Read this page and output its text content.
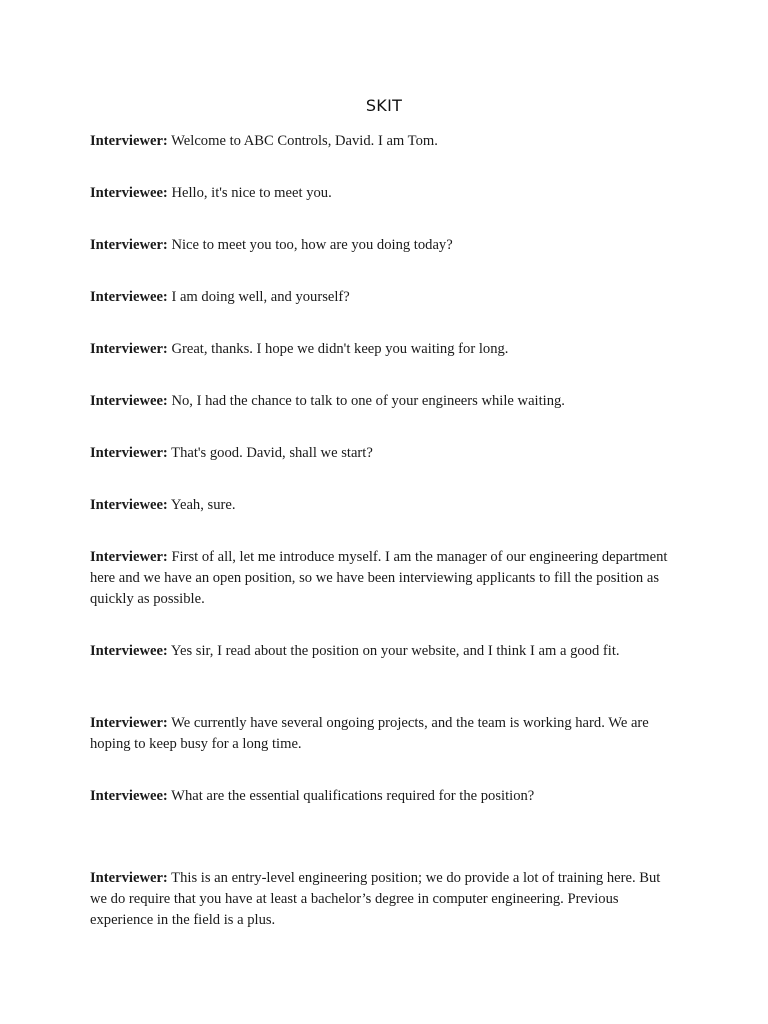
SKIT
Interviewer: Welcome to ABC Controls, David. I am Tom.
Interviewee: Hello, it's nice to meet you.
Interviewer: Nice to meet you too, how are you doing today?
Interviewee: I am doing well, and yourself?
Interviewer: Great, thanks. I hope we didn't keep you waiting for long.
Interviewee: No, I had the chance to talk to one of your engineers while waiting.
Interviewer: That's good. David, shall we start?
Interviewee: Yeah, sure.
Interviewer: First of all, let me introduce myself. I am the manager of our engineering department here and we have an open position, so we have been interviewing applicants to fill the position as quickly as possible.
Interviewee: Yes sir, I read about the position on your website, and I think I am a good fit.
Interviewer: We currently have several ongoing projects, and the team is working hard. We are hoping to keep busy for a long time.
Interviewee: What are the essential qualifications required for the position?
Interviewer: This is an entry-level engineering position; we do provide a lot of training here. But we do require that you have at least a bachelor’s degree in computer engineering. Previous experience in the field is a plus.
